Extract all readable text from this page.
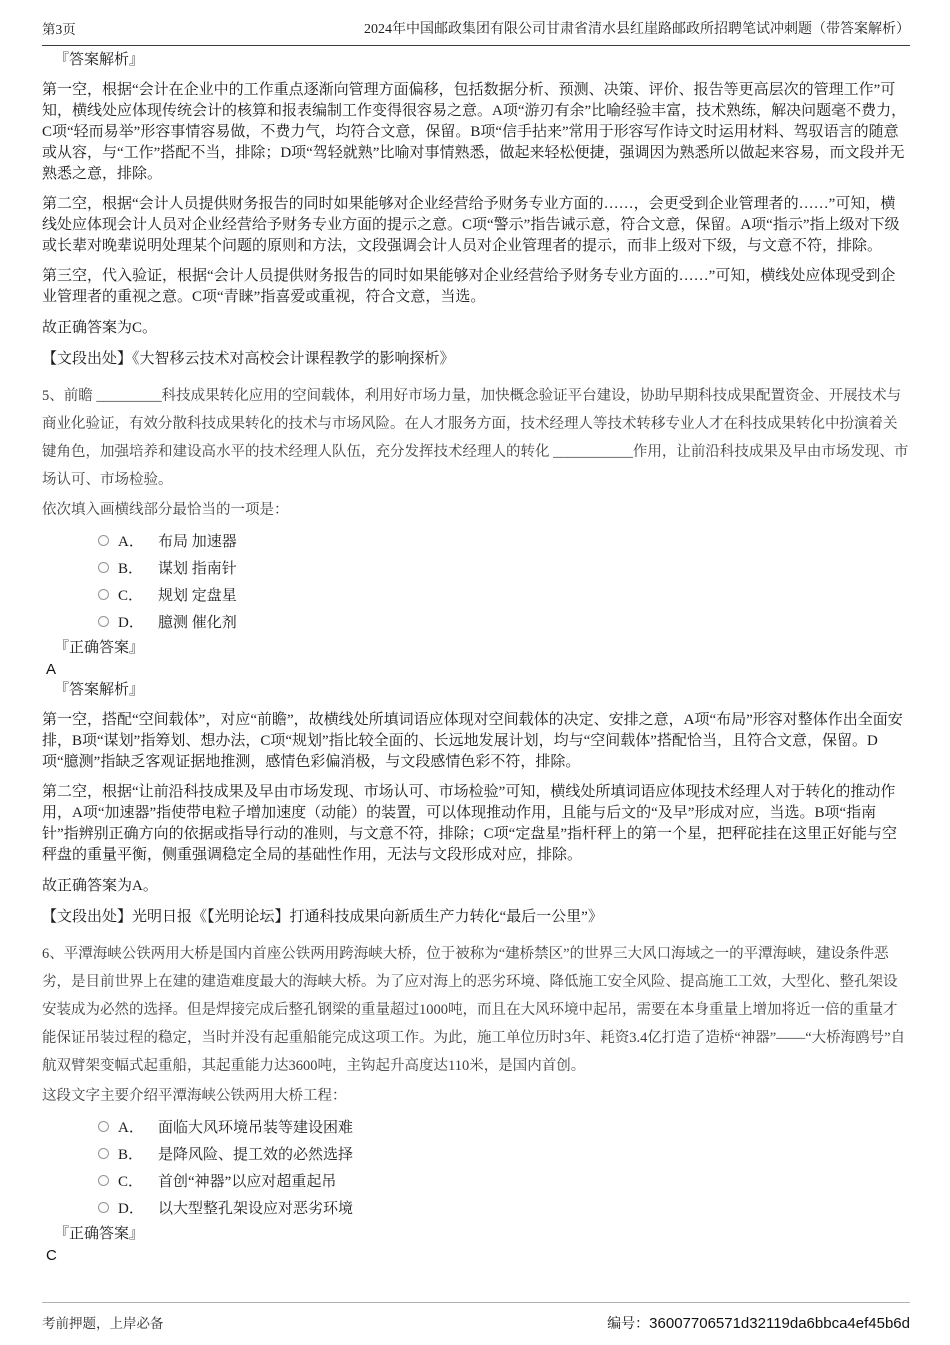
第3页	2024年中国邮政集团有限公司甘肃省清水县红崖路邮政所招聘笔试冲刺题（带答案解析）
『答案解析』

第一空，根据“会计在企业中的工作重点逐渐向管理方面偏移，包括数据分析、预测、决策、评价、报告等更高层次的管理工作”可知，横线处应体现传统会计的核算和报表编制工作变得很容易之意。A项“游刃有余”比喻经验丰富，技术熟练，解决问题毫不费力，C项“轻而易举”形容事情容易做，不费力气，均符合文意，保留。B项“信手拈来”常用于形容写作诗文时运用材料、驾驭语言的随意或从容，与“工作”搭配不当，排除；D项“驾轻就熟”比喻对事情熟悉，做起来轻松便捷，强调因为熟悉所以做起来容易，而文段并无熟悉之意，排除。

第二空，根据“会计人员提供财务报告的同时如果能够对企业经营给予财务专业方面的……，会更受到企业管理者的……”可知，横线处应体现会计人员对企业经营给予财务专业方面的提示之意。C项“警示”指告诫示意，符合文意，保留。A项“指示”指上级对下级或长辈对晚辈说明处理某个问题的原则和方法，文段强调会计人员对企业管理者的提示，而非上级对下级，与文意不符，排除。

第三空，代入验证，根据“会计人员提供财务报告的同时如果能够对企业经营给予财务专业方面的……”可知，横线处应体现受到企业管理者的重视之意。C项“青睐”指喜爱或重视，符合文意，当选。

故正确答案为C。

【文段出处】《大智移云技术对高校会计课程教学的影响探析》

5、前瞻 _________科技成果转化应用的空间载体，利用好市场力量，加快概念验证平台建设，协助早期科技成果配置资金、开展技术与商业化验证，有效分散科技成果转化的技术与市场风险。在人才服务方面，技术经理人等技术转移专业人才在科技成果转化中扮演着关键角色，加强培养和建设高水平的技术经理人队伍，充分发挥技术经理人的转化 ___________作用，让前沿科技成果及早由市场发现、市场认可、市场检验。

依次填入画横线部分最恰当的一项是：

A． 布局 加速器
B． 谋划 指南针
C． 规划 定盘星
D． 臆测 催化剂
『正确答案』
A
『答案解析』

第一空，搭配“空间载体”，对应“前瞻”，故横线处所填词语应体现对空间载体的决定、安排之意，A项“布局”形容对整体作出全面安排，B项“谋划”指筹划、想办法，C项“规划”指比较全面的、长远地发展计划，均与“空间载体”搭配恰当，且符合文意，保留。D项“臆测”指缺乏客观证据地推测，感情色彩偏消极，与文段感情色彩不符，排除。

第二空，根据“让前沿科技成果及早由市场发现、市场认可、市场检验”可知，横线处所填词语应体现技术经理人对于转化的推动作用，A项“加速器”指使带电粒子增加速度（动能）的装置，可以体现推动作用，且能与后文的“及早”形成对应，当选。B项“指南针”指辨别正确方向的依据或指导行动的准则，与文意不符，排除；C项“定盘星”指杆秤上的第一个星，把秤砣挂在这里正好能与空秤盘的重量平衡，侧重强调稳定全局的基础性作用，无法与文段形成对应，排除。

故正确答案为A。

【文段出处】光明日报《【光明论坛】打通科技成果向新质生产力转化“最后一公里”》

6、平潭海峡公铁两用大桥是国内首座公铁两用跨海峡大桥，位于被称为“建桥禁区”的世界三大风口海域之一的平潭海峡，建设条件恶劣，是目前世界上在建的建造难度最大的海峡大桥。为了应对海上的恶劣环境、降低施工安全风险、提高施工工效，大型化、整孔架设安装成为必然的选择。但是焊接完成后整孔钢梁的重量超过1000吨，而且在大风环境中起吊，需要在本身重量上增加将近一倍的重量才能保证吊装过程的稳定，当时并没有起重船能完成这项工作。为此，施工单位历时3年、耗资3.4亿打造了造桥“神器”——“大桥海鸥号”自航双臂架变幅式起重船，其起重能力达3600吨，主钩起升高度达110米，是国内首创。

这段文字主要介绍平潭海峡公铁两用大桥工程：

A． 面临大风环境吊装等建设困难
B． 是降风险、提工效的必然选择
C． 首创“神器”以应对超重起吊
D． 以大型整孔架设应对恶劣环境
『正确答案』
C
考前押题，上岸必备	编号：36007706571d32119da6bbca4ef45b6d
